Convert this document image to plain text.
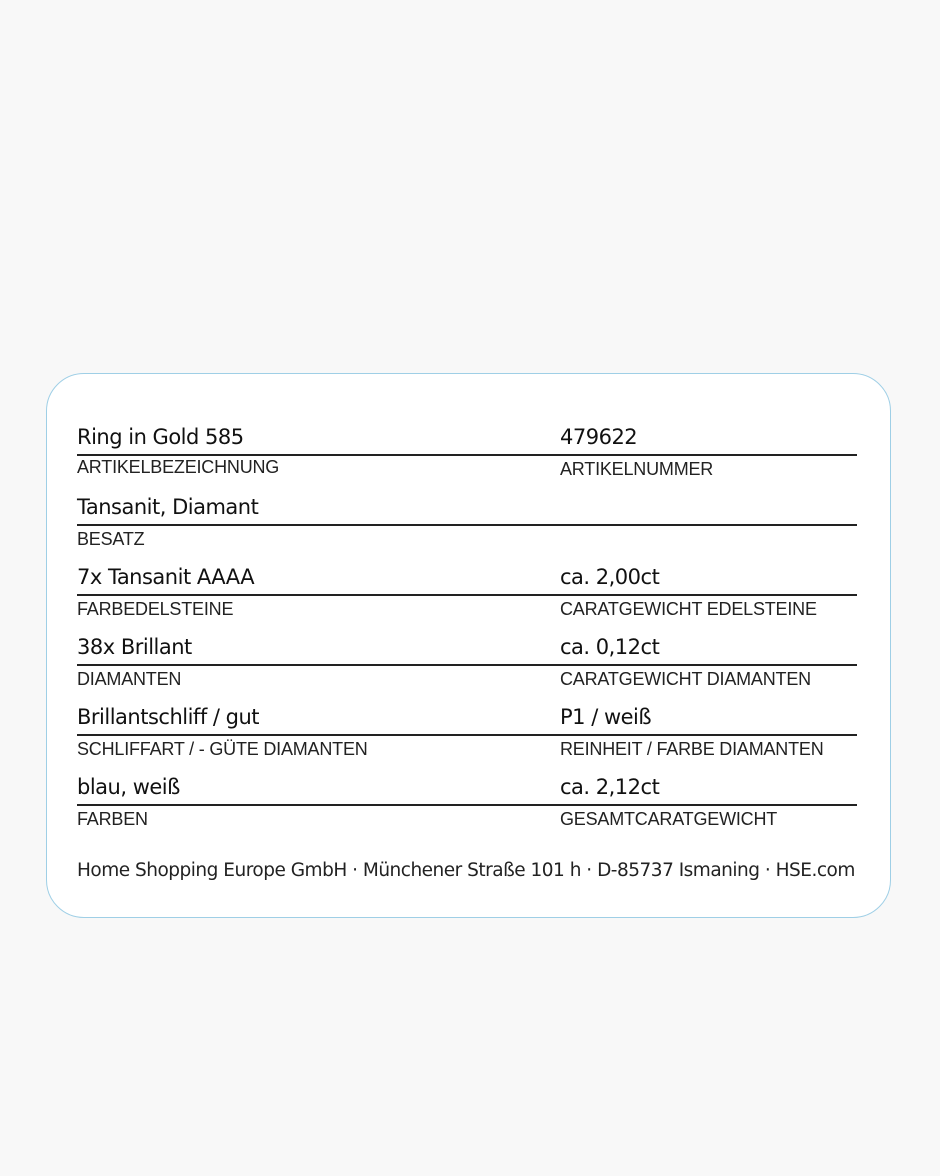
Ring in Gold 585	479622
ARTIKELBEZEICHNUNG	ARTIKELNUMMER
Tansanit, Diamant
BESATZ
7x Tansanit AAAA	ca. 2,00ct
FARBEDELSTEINE	CARATGEWICHT EDELSTEINE
38x Brillant	ca. 0,12ct
DIAMANTEN	CARATGEWICHT DIAMANTEN
Brillantschliff / gut	P1 / weiß
SCHLIFFART / - GÜTE DIAMANTEN	REINHEIT / FARBE DIAMANTEN
blau, weiß	ca. 2,12ct
FARBEN	GESAMTCARATGEWICHT
Home Shopping Europe GmbH · Münchener Straße 101 h · D-85737 Ismaning · HSE.com
